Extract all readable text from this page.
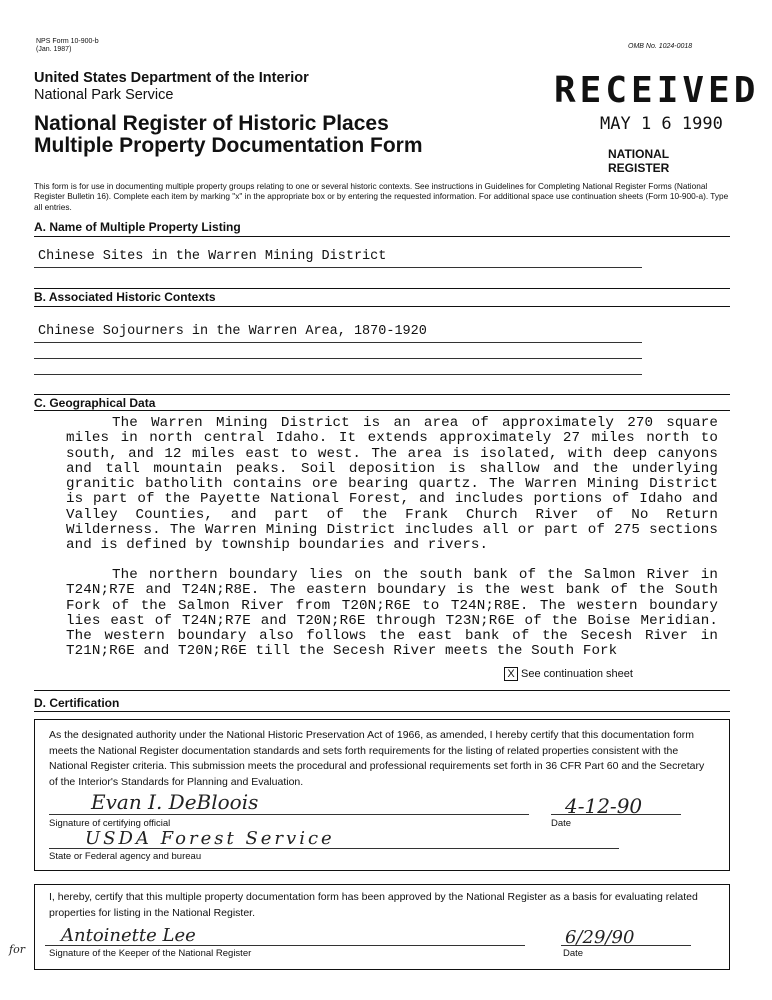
NPS Form 10-900-b
(Jan. 1987)	OMB No. 1024-0018
United States Department of the Interior
National Park Service
National Register of Historic Places
Multiple Property Documentation Form
RECEIVED
MAY 1 6 1990
NATIONAL
REGISTER
This form is for use in documenting multiple property groups relating to one or several historic contexts. See instructions in Guidelines for Completing National Register Forms (National Register Bulletin 16). Complete each item by marking "x" in the appropriate box or by entering the requested information. For additional space use continuation sheets (Form 10-900-a). Type all entries.
A. Name of Multiple Property Listing
Chinese Sites in the Warren Mining District
B. Associated Historic Contexts
Chinese Sojourners in the Warren Area, 1870-1920
C. Geographical Data

The Warren Mining District is an area of approximately 270 square miles in north central Idaho. It extends approximately 27 miles north to south, and 12 miles east to west. The area is isolated, with deep canyons and tall mountain peaks. Soil deposition is shallow and the underlying granitic batholith contains ore bearing quartz. The Warren Mining District is part of the Payette National Forest, and includes portions of Idaho and Valley Counties, and part of the Frank Church River of No Return Wilderness. The Warren Mining District includes all or part of 275 sections and is defined by township boundaries and rivers.

The northern boundary lies on the south bank of the Salmon River in T24N;R7E and T24N;R8E. The eastern boundary is the west bank of the South Fork of the Salmon River from T20N;R6E to T24N;R8E. The western boundary lies east of T24N;R7E and T20N;R6E through T23N;R6E of the Boise Meridian. The western boundary also follows the east bank of the Secesh River in T21N;R6E and T20N;R6E till the Secesh River meets the South Fork

X See continuation sheet
D. Certification
As the designated authority under the National Historic Preservation Act of 1966, as amended, I hereby certify that this documentation form meets the National Register documentation standards and sets forth requirements for the listing of related properties consistent with the National Register criteria. This submission meets the procedural and professional requirements set forth in 36 CFR Part 60 and the Secretary of the Interior's Standards for Planning and Evaluation.
Evan I. DeBloois	4-12-90
Signature of certifying official	Date
USDA Forest Service
State or Federal agency and bureau
I, hereby, certify that this multiple property documentation form has been approved by the National Register as a basis for evaluating related properties for listing in the National Register.
for
Antoinette Lee	6/29/90
Signature of the Keeper of the National Register	Date
